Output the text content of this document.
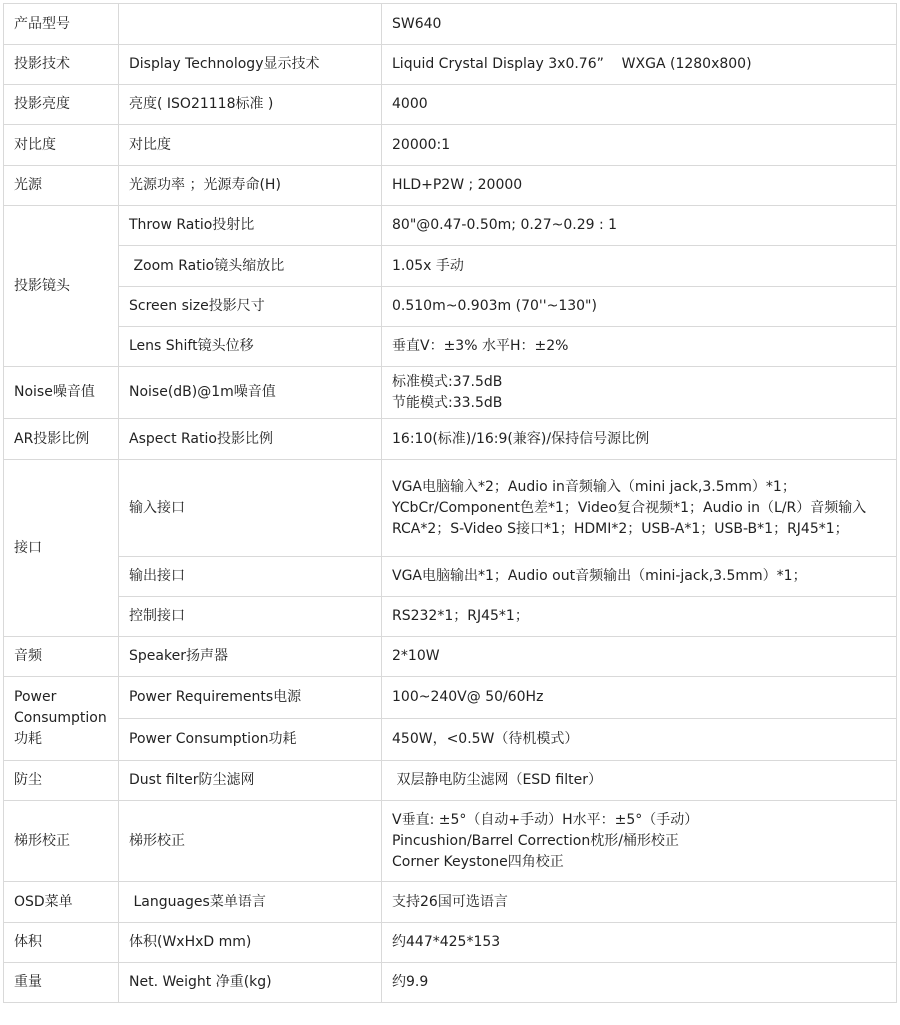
产品型号		SW640
投影技术	Display Technology显示技术	Liquid Crystal Display 3x0.76”    WXGA (1280x800)
投影亮度	亮度( ISO21118标准 )	4000
对比度	对比度	20000:1
光源	光源功率 ；光源寿命(H)	HLD+P2W ; 20000
投影镜头	Throw Ratio投射比	80"@0.47-0.50m; 0.27~0.29 : 1
	Zoom Ratio镜头缩放比	1.05x 手动
	Screen size投影尺寸	0.510m~0.903m (70''~130")
	Lens Shift镜头位移	垂直V：±3% 水平H：±2%
Noise噪音值	Noise(dB)@1m噪音值	标准模式:37.5dB
节能模式:33.5dB

AR投影比例	Aspect Ratio投影比例	16:10(标准)/16:9(兼容)/保持信号源比例
接口	输入接口	VGA电脑输入*2；Audio in音频输入（mini jack,3.5mm）*1；YCbCr/Component色差*1；Video复合视频*1；Audio in（L/R）音频输入RCA*2；S-Video S接口*1；HDMI*2；USB-A*1；USB-B*1；RJ45*1；
	输出接口	VGA电脑输出*1；Audio out音频输出（mini-jack,3.5mm）*1；
	控制接口	RS232*1；RJ45*1；
音频	Speaker扬声器	2*10W

Power
Consumption
功耗	Power Requirements电源	100~240V@ 50/60Hz
	Power Consumption功耗	450W，<0.5W（待机模式）
防尘	Dust filter防尘滤网	双层静电防尘滤网（ESD filter）
梯形校正	梯形校正	V垂直: ±5°（自动+手动）H水平：±5°（手动）
Pincushion/Barrel Correction枕形/桶形校正
Corner Keystone四角校正

OSD菜单	Languages菜单语言	支持26国可选语言
体积	体积(WxHxD mm)	约447*425*153
重量	Net. Weight 净重(kg)	约9.9
